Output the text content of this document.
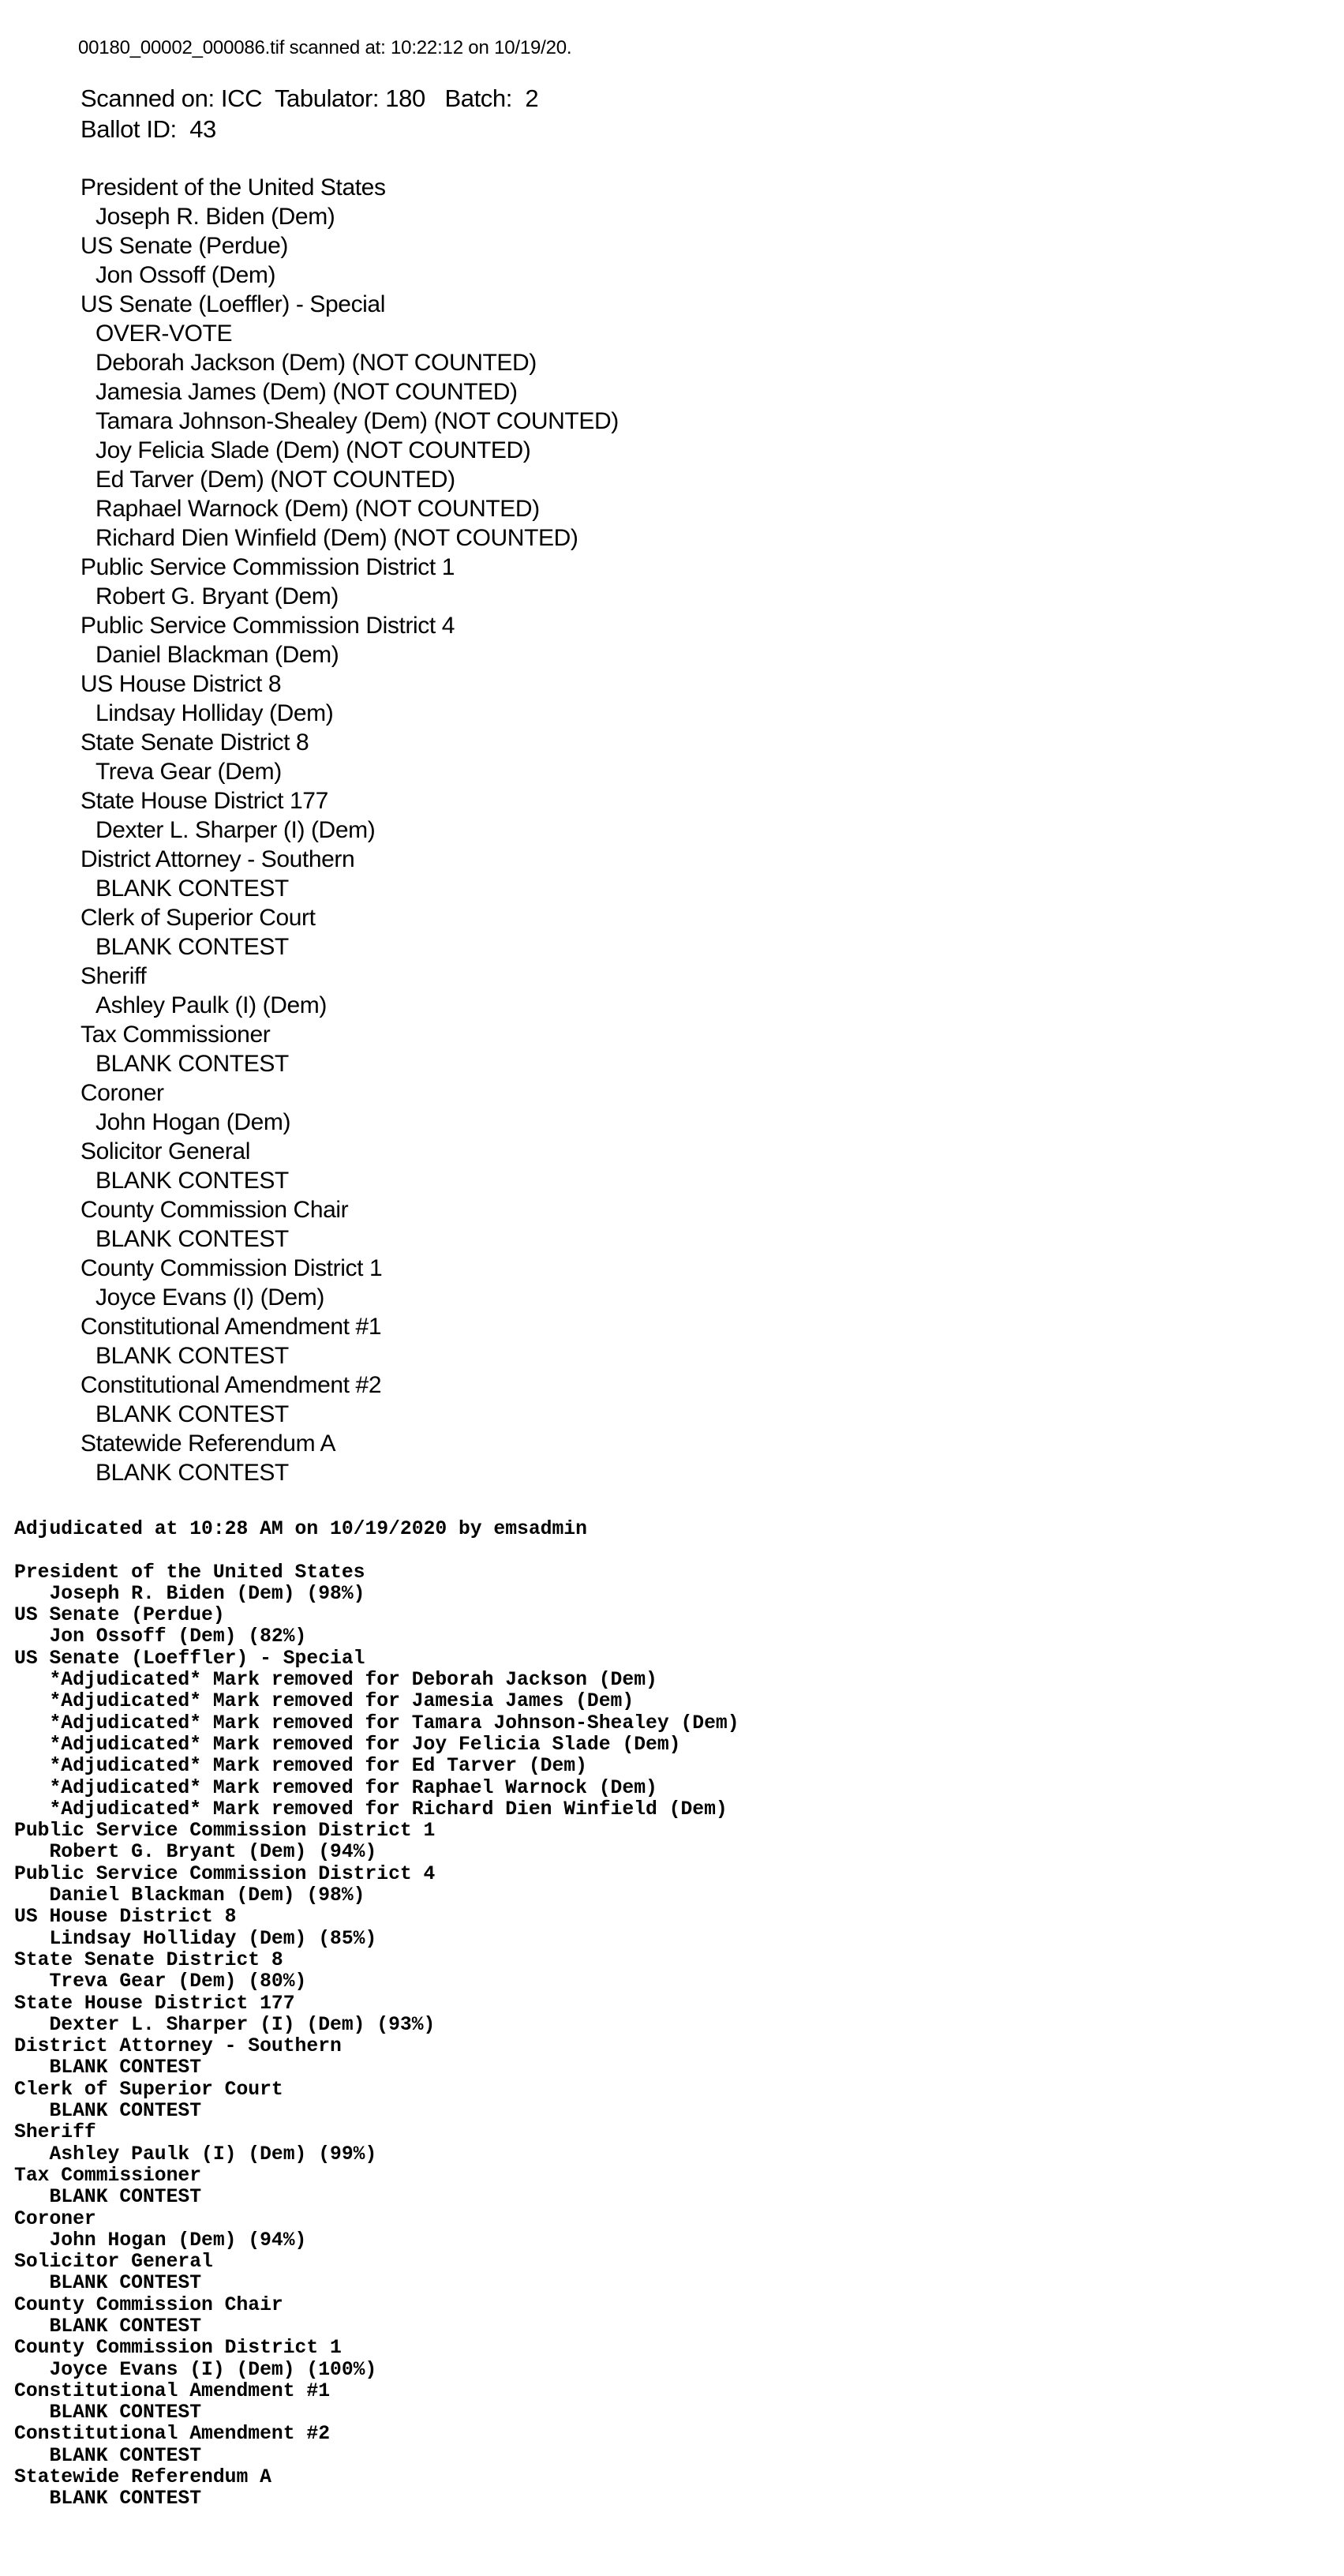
00180_00002_000086.tif scanned at: 10:22:12 on 10/19/20.
Scanned on: ICC  Tabulator: 180   Batch:  2
Ballot ID:  43
President of the United States
Joseph R. Biden (Dem)
US Senate (Perdue)
Jon Ossoff (Dem)
US Senate (Loeffler) - Special
OVER-VOTE
Deborah Jackson (Dem) (NOT COUNTED)
Jamesia James (Dem) (NOT COUNTED)
Tamara Johnson-Shealey (Dem) (NOT COUNTED)
Joy Felicia Slade (Dem) (NOT COUNTED)
Ed Tarver (Dem) (NOT COUNTED)
Raphael Warnock (Dem) (NOT COUNTED)
Richard Dien Winfield (Dem) (NOT COUNTED)
Public Service Commission District 1
Robert G. Bryant (Dem)
Public Service Commission District 4
Daniel Blackman (Dem)
US House District 8
Lindsay Holliday (Dem)
State Senate District 8
Treva Gear (Dem)
State House District 177
Dexter L. Sharper (I) (Dem)
District Attorney - Southern
BLANK CONTEST
Clerk of Superior Court
BLANK CONTEST
Sheriff
Ashley Paulk (I) (Dem)
Tax Commissioner
BLANK CONTEST
Coroner
John Hogan (Dem)
Solicitor General
BLANK CONTEST
County Commission Chair
BLANK CONTEST
County Commission District 1
Joyce Evans (I) (Dem)
Constitutional Amendment #1
BLANK CONTEST
Constitutional Amendment #2
BLANK CONTEST
Statewide Referendum A
BLANK CONTEST
Adjudicated at 10:28 AM on 10/19/2020 by emsadmin
President of the United States
Joseph R. Biden (Dem) (98%)
US Senate (Perdue)
Jon Ossoff (Dem) (82%)
US Senate (Loeffler) - Special
*Adjudicated* Mark removed for Deborah Jackson (Dem)
*Adjudicated* Mark removed for Jamesia James (Dem)
*Adjudicated* Mark removed for Tamara Johnson-Shealey (Dem)
*Adjudicated* Mark removed for Joy Felicia Slade (Dem)
*Adjudicated* Mark removed for Ed Tarver (Dem)
*Adjudicated* Mark removed for Raphael Warnock (Dem)
*Adjudicated* Mark removed for Richard Dien Winfield (Dem)
Public Service Commission District 1
Robert G. Bryant (Dem) (94%)
Public Service Commission District 4
Daniel Blackman (Dem) (98%)
US House District 8
Lindsay Holliday (Dem) (85%)
State Senate District 8
Treva Gear (Dem) (80%)
State House District 177
Dexter L. Sharper (I) (Dem) (93%)
District Attorney - Southern
BLANK CONTEST
Clerk of Superior Court
BLANK CONTEST
Sheriff
Ashley Paulk (I) (Dem) (99%)
Tax Commissioner
BLANK CONTEST
Coroner
John Hogan (Dem) (94%)
Solicitor General
BLANK CONTEST
County Commission Chair
BLANK CONTEST
County Commission District 1
Joyce Evans (I) (Dem) (100%)
Constitutional Amendment #1
BLANK CONTEST
Constitutional Amendment #2
BLANK CONTEST
Statewide Referendum A
BLANK CONTEST
